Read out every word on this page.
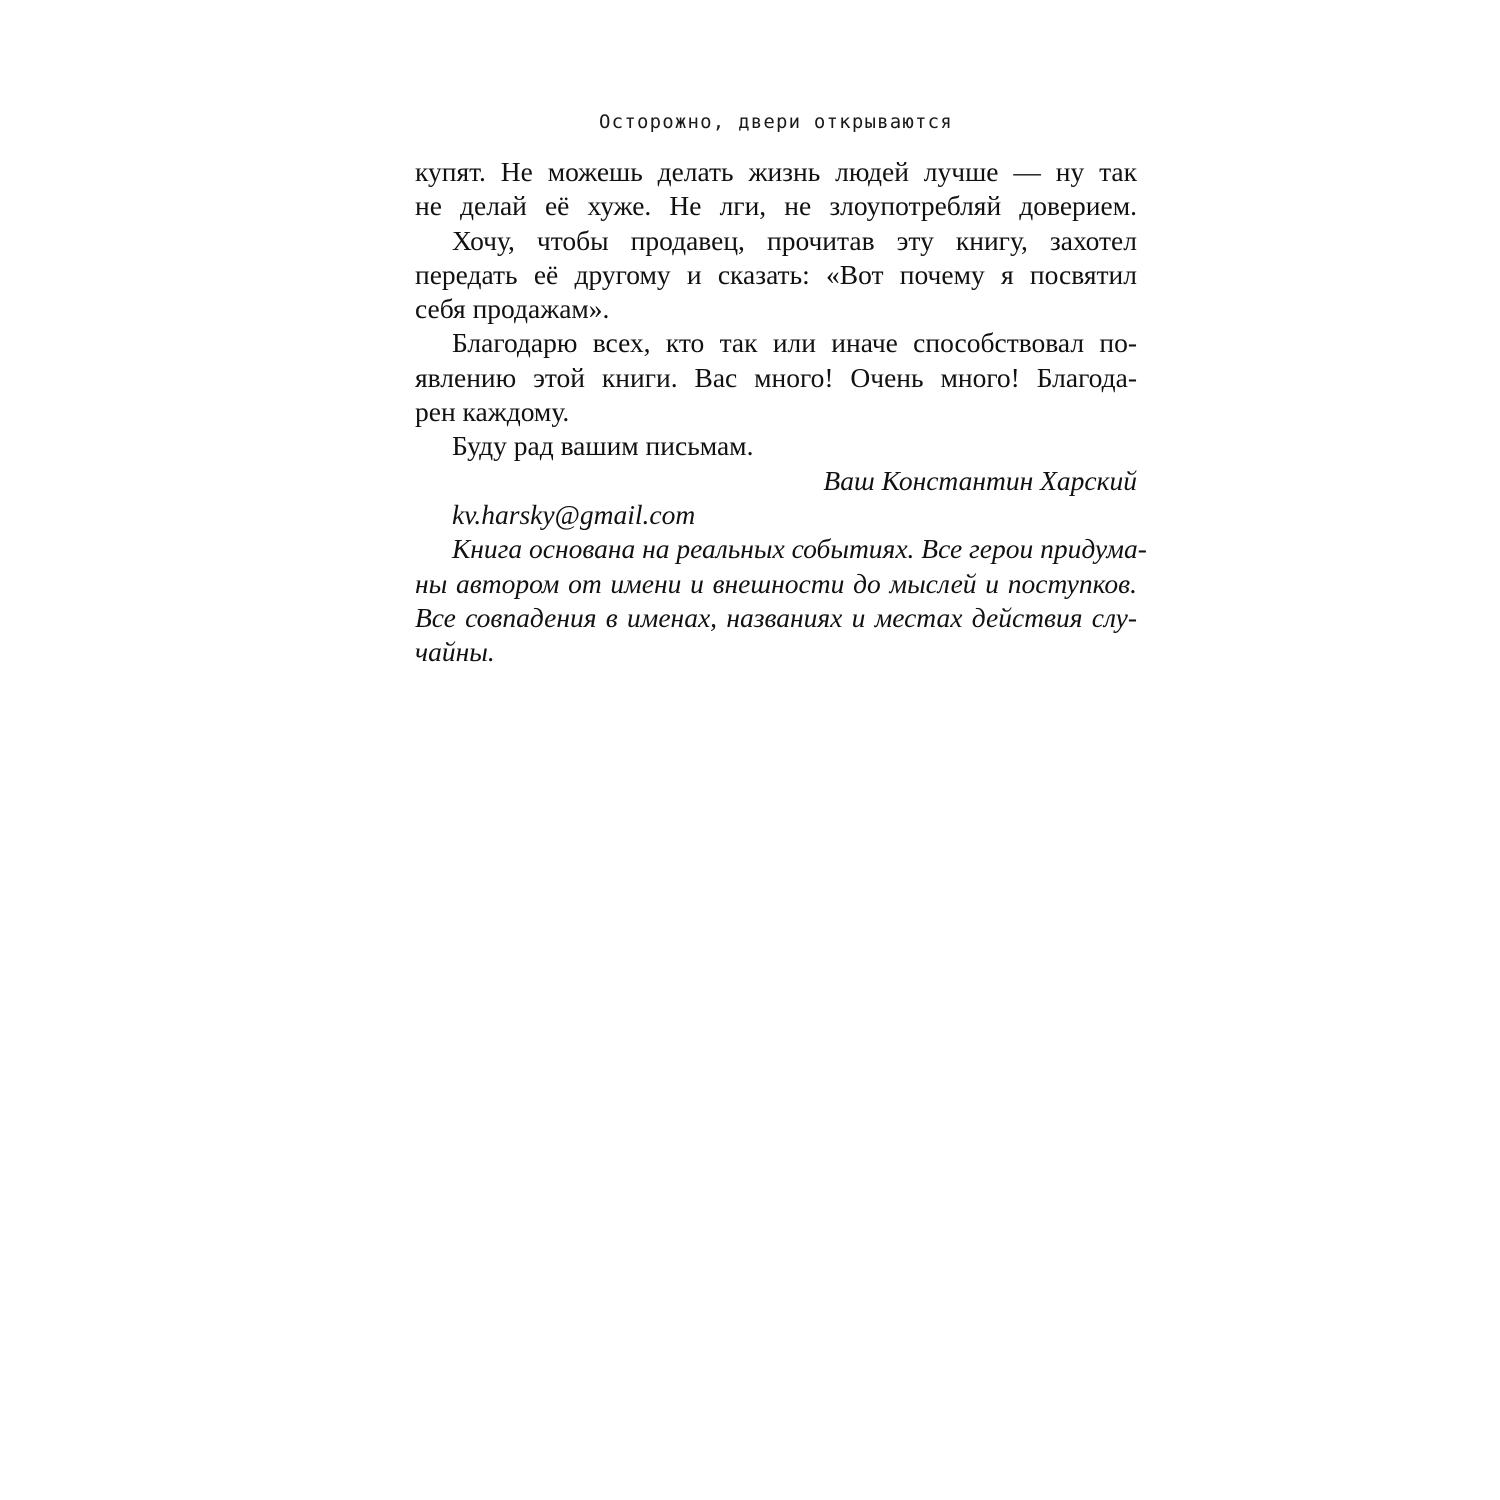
Осторожно, двери открываются
купят. Не можешь делать жизнь людей лучше — ну так
не делай её хуже. Не лги, не злоупотребляй доверием.
Хочу, чтобы продавец, прочитав эту книгу, захотел
передать её другому и сказать: «Вот почему я посвятил
себя продажам».
Благодарю всех, кто так или иначе способствовал по-
явлению этой книги. Вас много! Очень много! Благода-
рен каждому.
Буду рад вашим письмам.
Ваш Константин Харский
kv.harsky@gmail.com
Книга основана на реальных событиях. Все герои придума-
ны автором от имени и внешности до мыслей и поступков.
Все совпадения в именах, названиях и местах действия слу-
чайны.
